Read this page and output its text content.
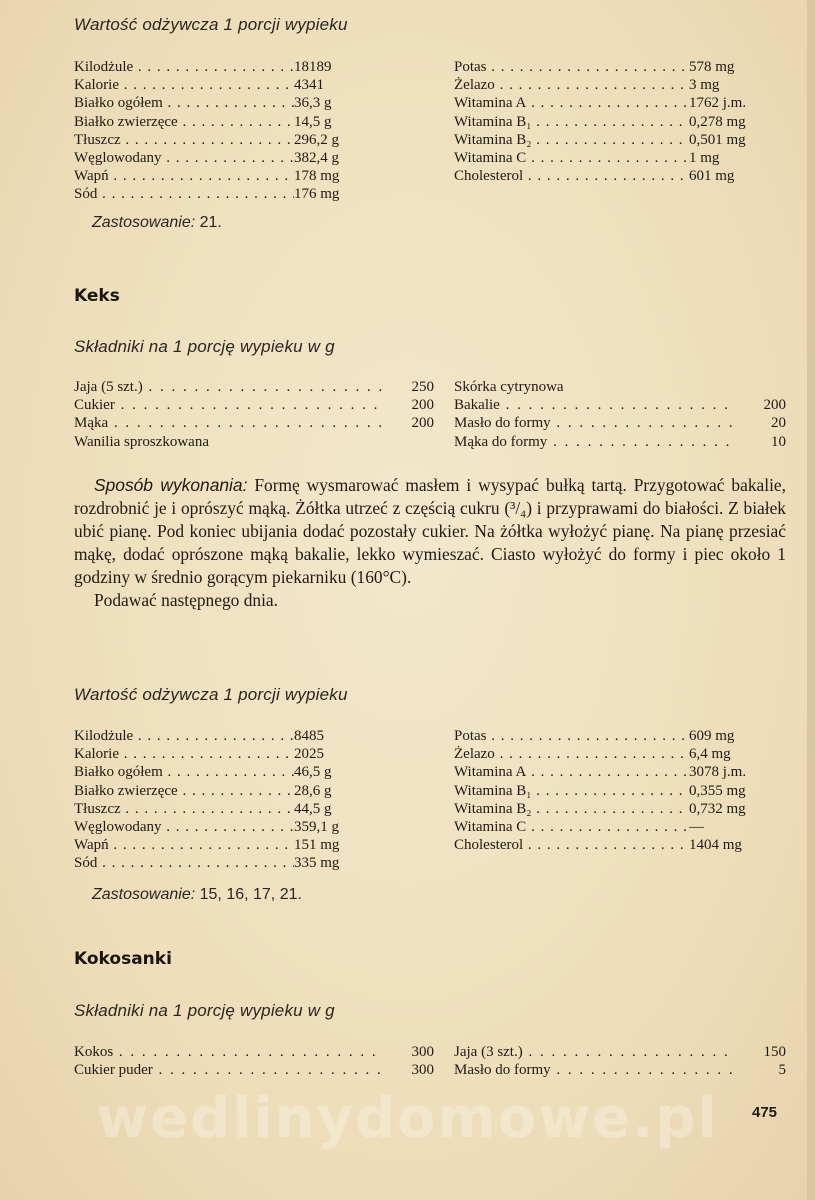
Wartość odżywcza 1 porcji wypieku
Kilodżule . . .	18189	Potas . . .	578 mg
Kalorie . . .	4341	Żelazo . . .	3 mg
Białko ogółem . . .	36,3 g	Witamina A . . .	1762 j.m.
Białko zwierzęce . . .	14,5 g	Witamina B₁ . . .	0,278 mg
Tłuszcz . . .	296,2 g	Witamina B₂ . . .	0,501 mg
Węglowodany . . .	382,4 g	Witamina C . . .	1 mg
Wapń . . .	178 mg	Cholesterol . . .	601 mg
Sód . . .	176 mg
Zastosowanie: 21.
Keks
Składniki na 1 porcję wypieku w g
Jaja (5 szt.) . . .	250	Skórka cytrynowa
Cukier . . .	200	Bakalie . . .	200
Mąka . . .	200	Masło do formy . . .	20
Wanilia sproszkowana	Mąka do formy . . .	10

Sposób wykonania: Formę wysmarować masłem i wysypać bułką tartą. Przygotować bakalie, rozdrobnić je i oprószyć mąką. Żółtka utrzeć z częścią cukru (³/₄) i przyprawami do białości. Z białek ubić pianę. Pod koniec ubijania dodać pozostały cukier. Na żółtka wyłożyć pianę. Na pianę przesiać mąkę, dodać oprószone mąką bakalie, lekko wymieszać. Ciasto wyłożyć do formy i piec około 1 godziny w średnio gorącym piekarniku (160°C).

Podawać następnego dnia.

Wartość odżywcza 1 porcji wypieku
Kilodżule . . .	8485	Potas . . .	609 mg
Kalorie . . .	2025	Żelazo . . .	6,4 mg
Białko ogółem . . .	46,5 g	Witamina A . . .	3078 j.m.
Białko zwierzęce . . .	28,6 g	Witamina B₁ . . .	0,355 mg
Tłuszcz . . .	44,5 g	Witamina B₂ . . .	0,732 mg
Węglowodany . . .	359,1 g	Witamina C . . .	—
Wapń . . .	151 mg	Cholesterol . . .	1404 mg
Sód . . .	335 mg
Zastosowanie: 15, 16, 17, 21.
Kokosanki
Składniki na 1 porcję wypieku w g
Kokos . . .	300	Jaja (3 szt.) . . .	150
Cukier puder . . .	300	Masło do formy . . .	5
wedlinydomowe.pl	475
